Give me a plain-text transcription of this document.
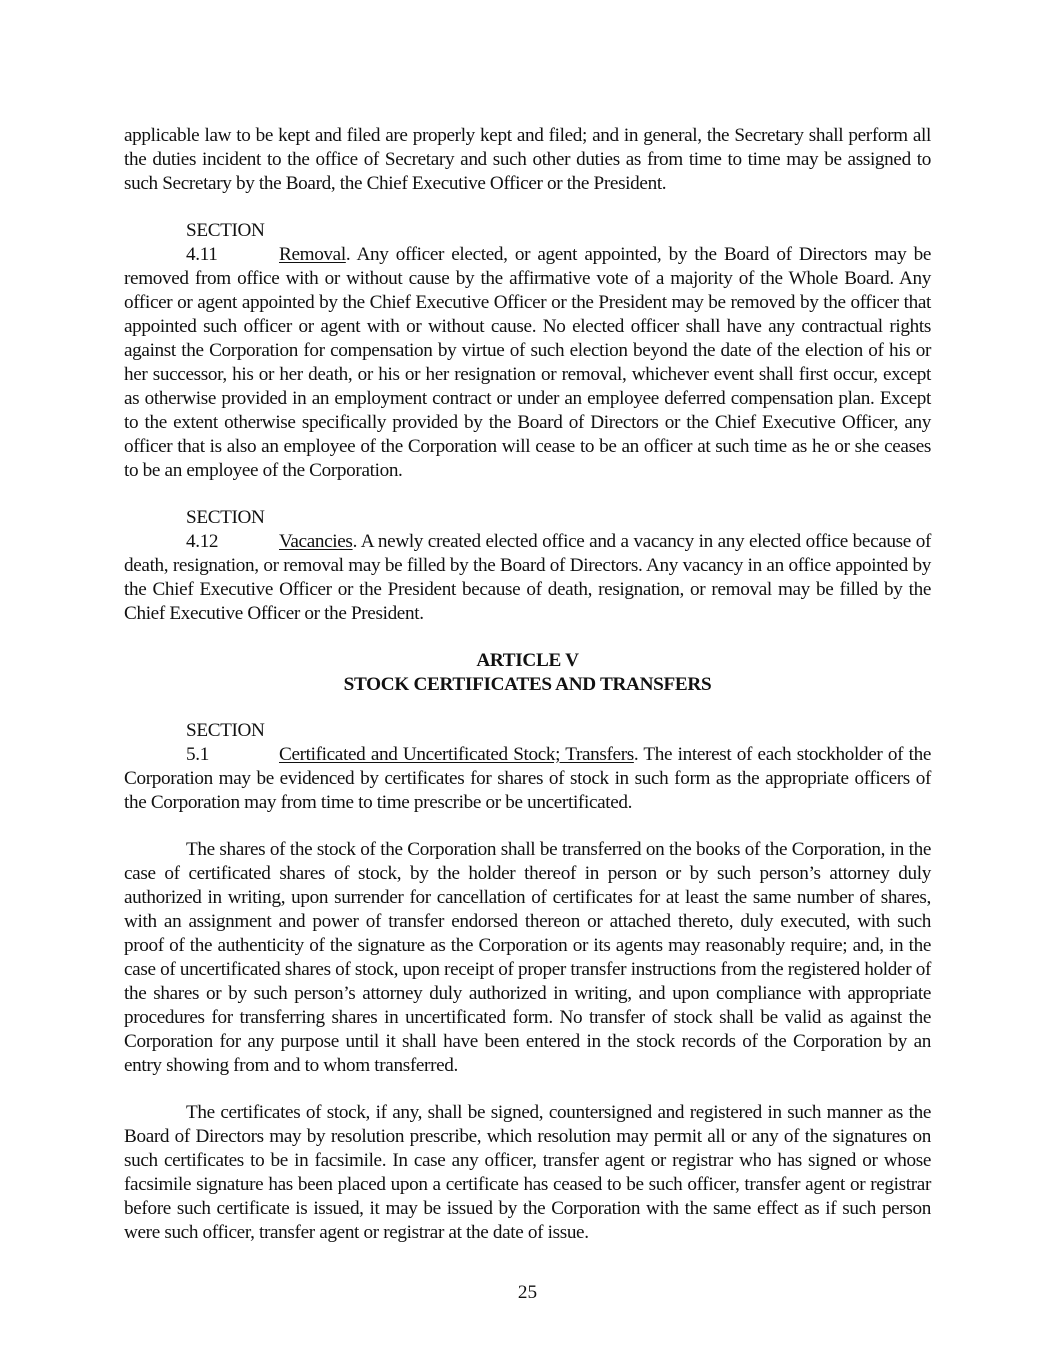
applicable law to be kept and filed are properly kept and filed; and in general, the Secretary shall perform all the duties incident to the office of Secretary and such other duties as from time to time may be assigned to such Secretary by the Board, the Chief Executive Officer or the President.

SECTION 4.11	Removal. Any officer elected, or agent appointed, by the Board of Directors may be removed from office with or without cause by the affirmative vote of a majority of the Whole Board. Any officer or agent appointed by the Chief Executive Officer or the President may be removed by the officer that appointed such officer or agent with or without cause. No elected officer shall have any contractual rights against the Corporation for compensation by virtue of such election beyond the date of the election of his or her successor, his or her death, or his or her resignation or removal, whichever event shall first occur, except as otherwise provided in an employment contract or under an employee deferred compensation plan. Except to the extent otherwise specifically provided by the Board of Directors or the Chief Executive Officer, any officer that is also an employee of the Corporation will cease to be an officer at such time as he or she ceases to be an employee of the Corporation.

SECTION 4.12	Vacancies. A newly created elected office and a vacancy in any elected office because of death, resignation, or removal may be filled by the Board of Directors. Any vacancy in an office appointed by the Chief Executive Officer or the President because of death, resignation, or removal may be filled by the Chief Executive Officer or the President.

ARTICLE V
STOCK CERTIFICATES AND TRANSFERS

SECTION 5.1	Certificated and Uncertificated Stock; Transfers. The interest of each stockholder of the Corporation may be evidenced by certificates for shares of stock in such form as the appropriate officers of the Corporation may from time to time prescribe or be uncertificated.

The shares of the stock of the Corporation shall be transferred on the books of the Corporation, in the case of certificated shares of stock, by the holder thereof in person or by such person’s attorney duly authorized in writing, upon surrender for cancellation of certificates for at least the same number of shares, with an assignment and power of transfer endorsed thereon or attached thereto, duly executed, with such proof of the authenticity of the signature as the Corporation or its agents may reasonably require; and, in the case of uncertificated shares of stock, upon receipt of proper transfer instructions from the registered holder of the shares or by such person’s attorney duly authorized in writing, and upon compliance with appropriate procedures for transferring shares in uncertificated form. No transfer of stock shall be valid as against the Corporation for any purpose until it shall have been entered in the stock records of the Corporation by an entry showing from and to whom transferred.

The certificates of stock, if any, shall be signed, countersigned and registered in such manner as the Board of Directors may by resolution prescribe, which resolution may permit all or any of the signatures on such certificates to be in facsimile. In case any officer, transfer agent or registrar who has signed or whose facsimile signature has been placed upon a certificate has ceased to be such officer, transfer agent or registrar before such certificate is issued, it may be issued by the Corporation with the same effect as if such person were such officer, transfer agent or registrar at the date of issue.

25
